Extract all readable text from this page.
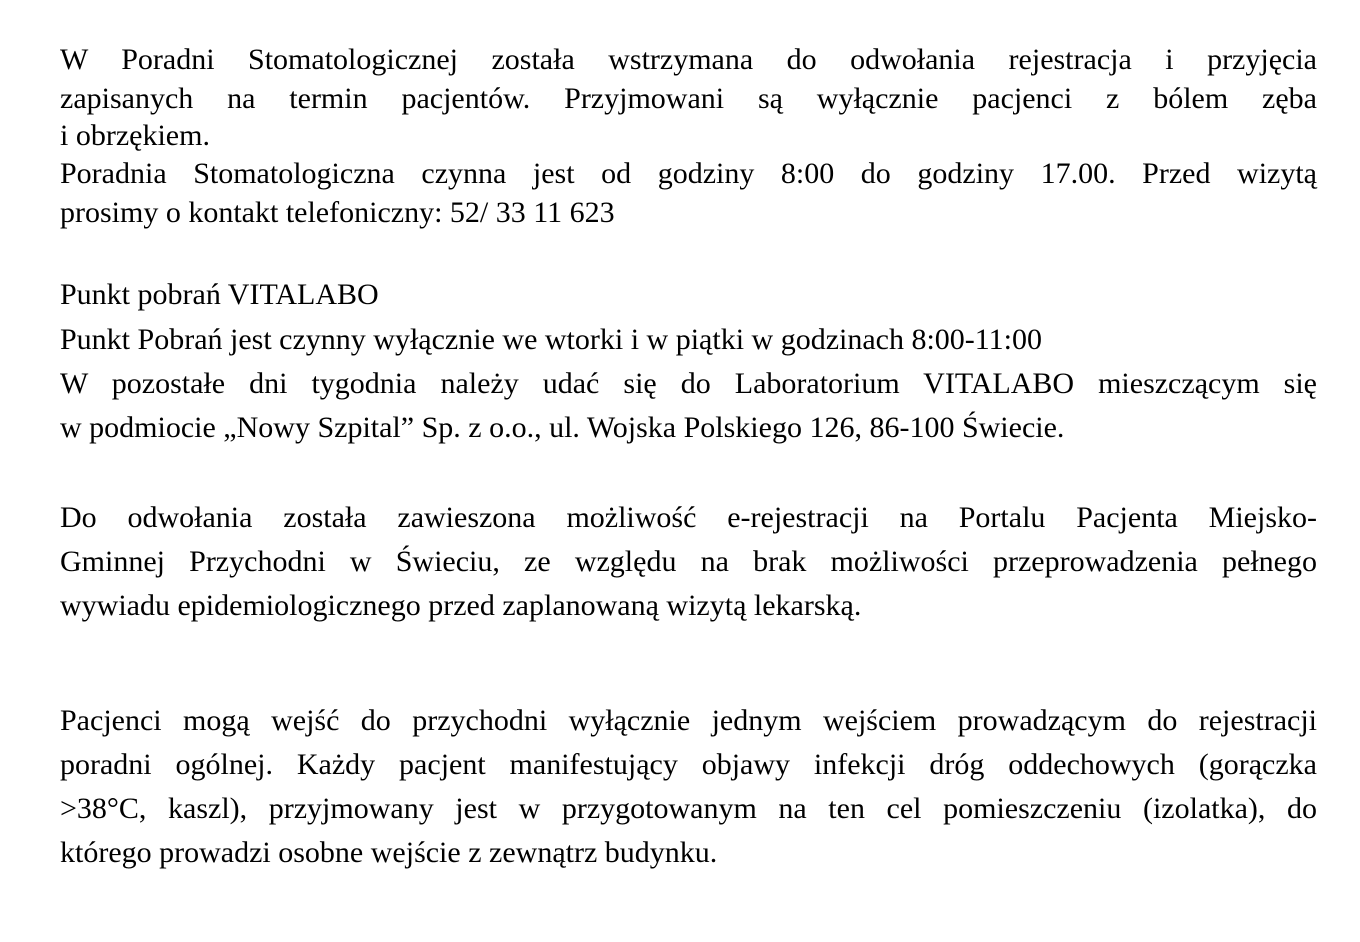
W Poradni Stomatologicznej została wstrzymana do odwołania rejestracja i przyjęcia
zapisanych na termin pacjentów. Przyjmowani są wyłącznie pacjenci z bólem zęba
i obrzękiem.
Poradnia Stomatologiczna czynna jest od godziny 8:00 do godziny 17.00. Przed wizytą
prosimy o kontakt telefoniczny: 52/ 33 11 623
Punkt pobrań VITALABO
Punkt Pobrań jest czynny wyłącznie we wtorki i w piątki w godzinach 8:00-11:00
W pozostałe dni tygodnia należy udać się do Laboratorium VITALABO mieszczącym się
w podmiocie „Nowy Szpital” Sp. z o.o., ul. Wojska Polskiego 126, 86-100 Świecie.
Do odwołania została zawieszona możliwość e-rejestracji na Portalu Pacjenta Miejsko-
Gminnej Przychodni w Świeciu, ze względu na brak możliwości przeprowadzenia pełnego
wywiadu epidemiologicznego przed zaplanowaną wizytą lekarską.
Pacjenci mogą wejść do przychodni wyłącznie jednym wejściem prowadzącym do rejestracji
poradni ogólnej. Każdy pacjent manifestujący objawy infekcji dróg oddechowych (gorączka
>38°C, kaszl), przyjmowany jest w przygotowanym na ten cel pomieszczeniu (izolatka), do
którego prowadzi osobne wejście z zewnątrz budynku.
